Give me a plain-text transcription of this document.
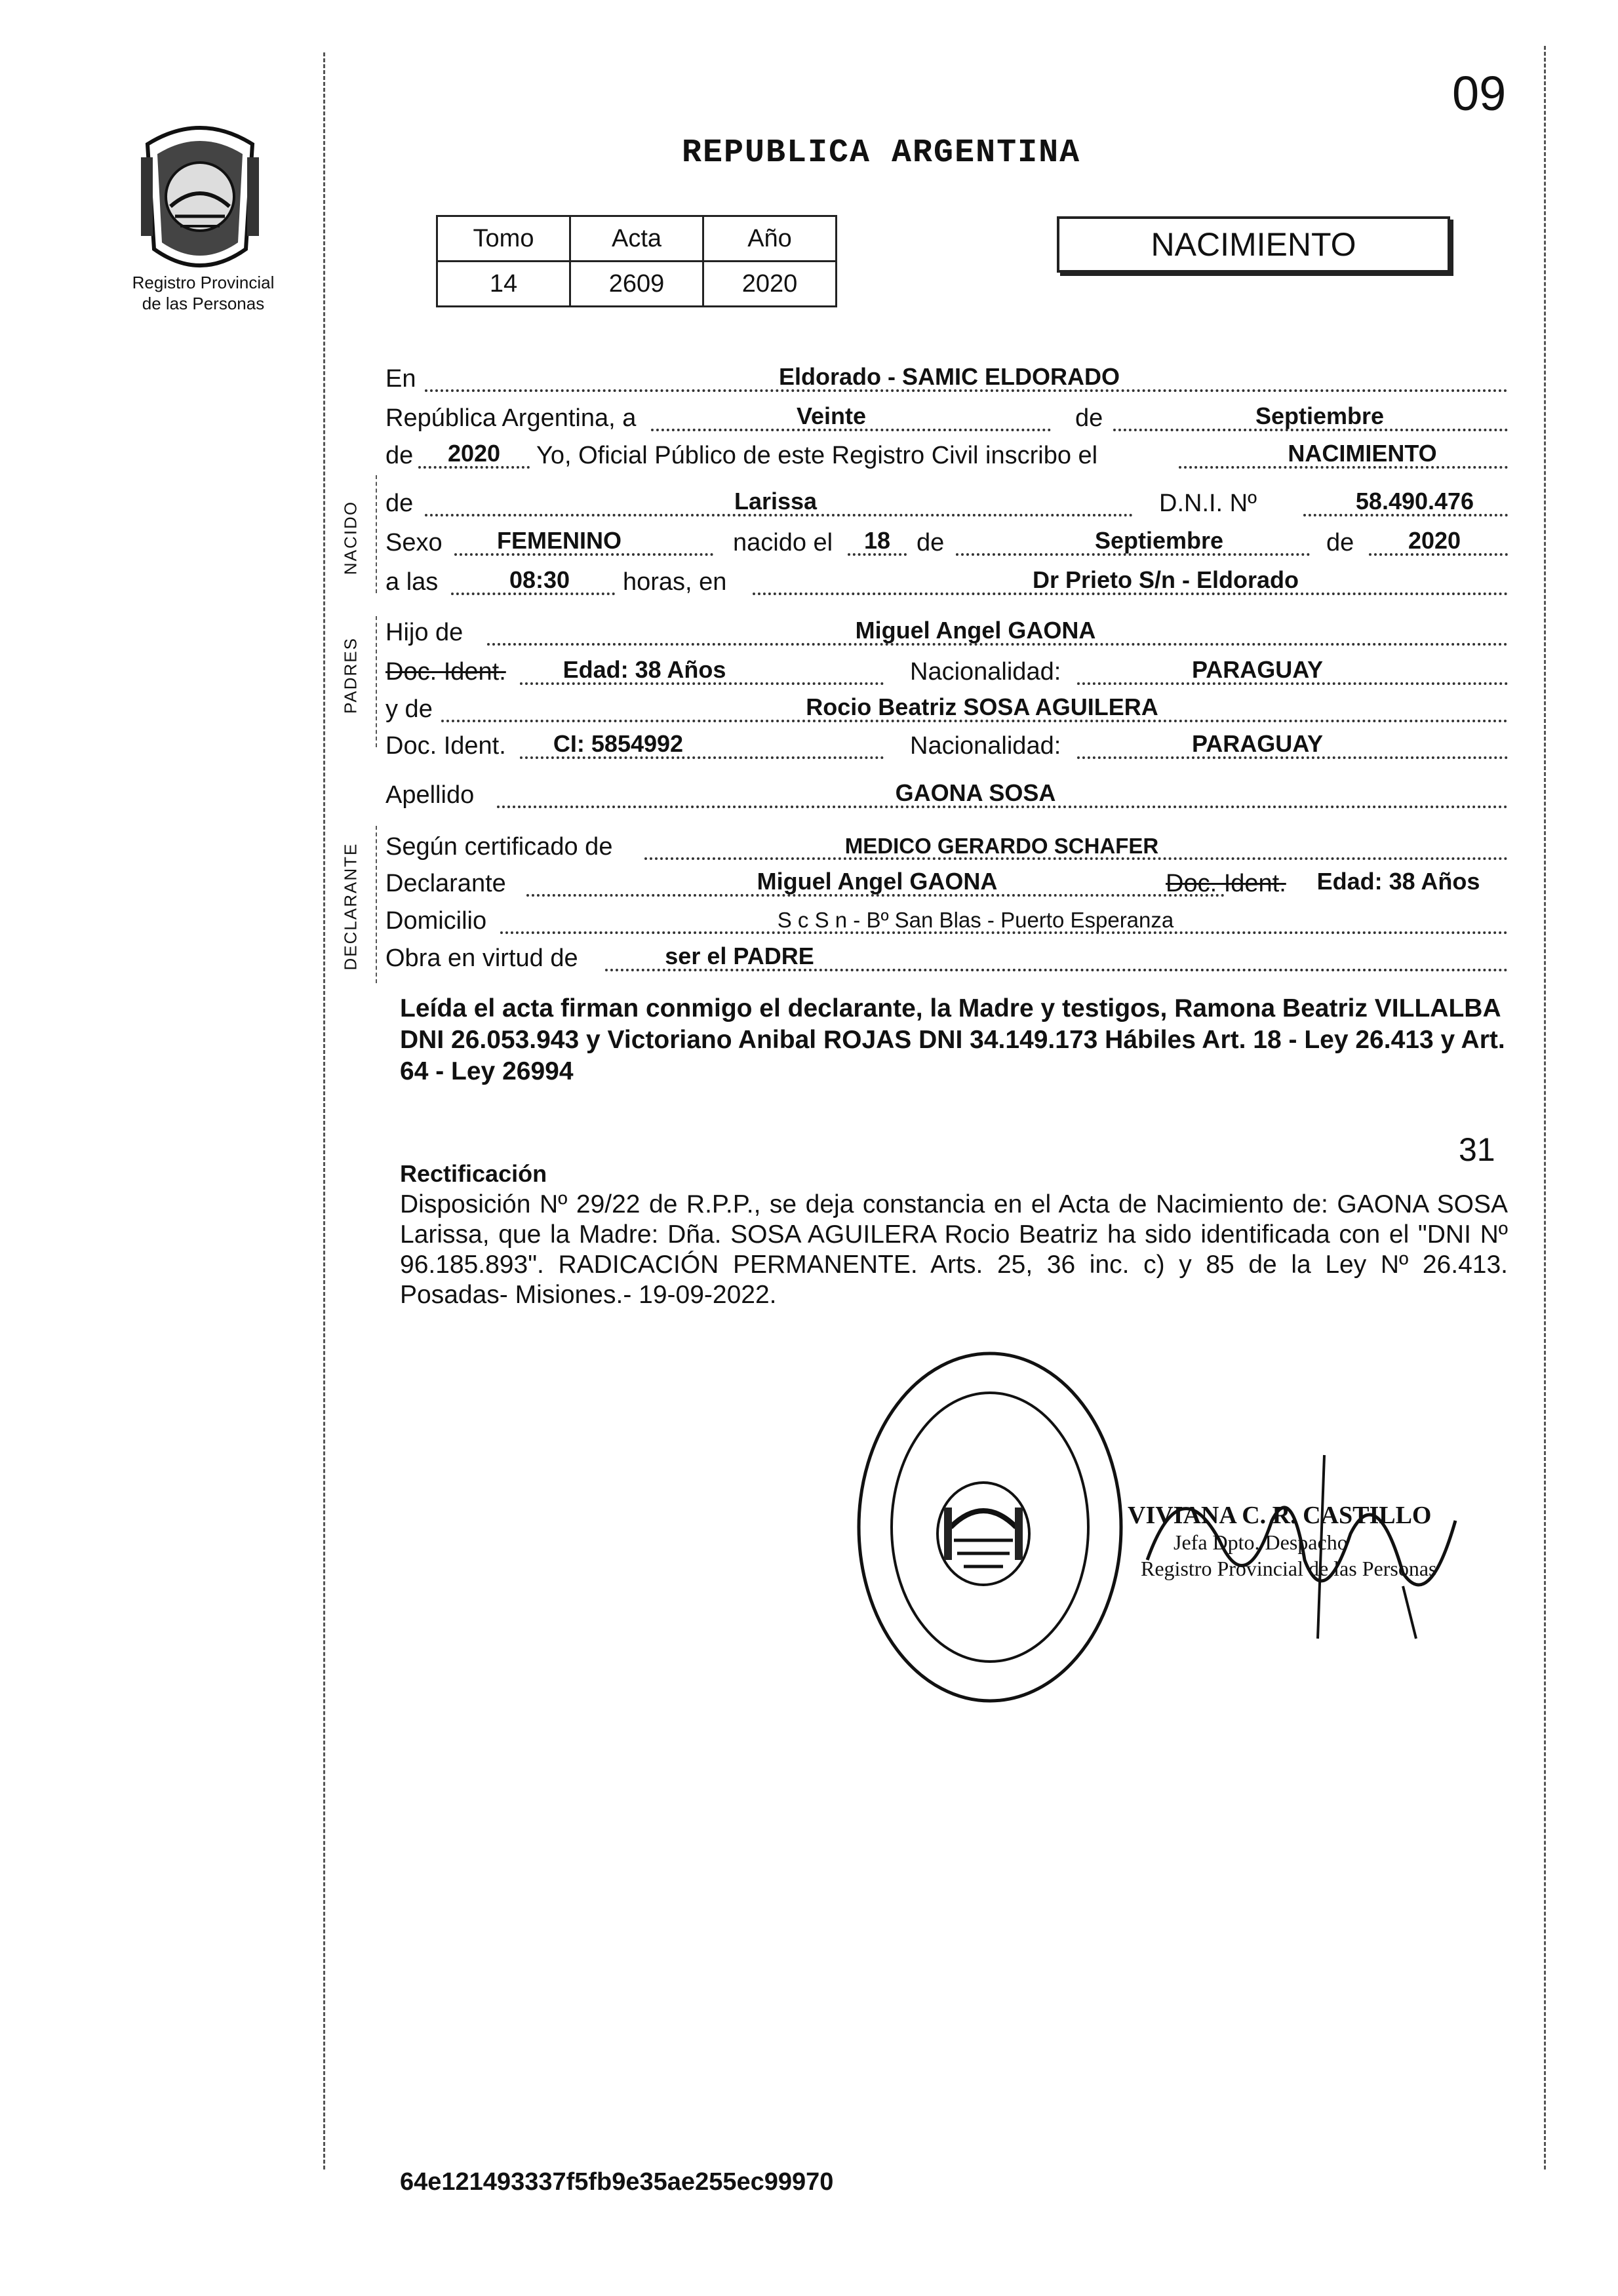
09
Registro Provincial
de las Personas
REPUBLICA ARGENTINA
Tomo	Acta	Año
14	2609	2020
NACIMIENTO
NACIDO
PADRES
DECLARANTE
En	Eldorado - SAMIC ELDORADO
República Argentina, a	Veinte	de	Septiembre
de	2020	Yo, Oficial Público de este Registro Civil inscribo el	NACIMIENTO
de	Larissa	D.N.I. Nº	58.490.476
Sexo	FEMENINO	nacido el	18	de	Septiembre	de	2020
a las	08:30	horas, en	Dr Prieto S/n - Eldorado
Hijo de	Miguel Angel GAONA
Doc. Ident.	Edad: 38 Años	Nacionalidad:	PARAGUAY
y de	Rocio Beatriz SOSA AGUILERA
Doc. Ident.	CI: 5854992	Nacionalidad:	PARAGUAY
Apellido	GAONA SOSA
Según certificado de	MEDICO GERARDO SCHAFER
Declarante	Miguel Angel GAONA	Doc. Ident.	Edad: 38 Años
Domicilio	S c S n - Bº San Blas - Puerto Esperanza
Obra en virtud de	ser el PADRE
Leída el acta firman conmigo el declarante, la Madre y testigos, Ramona Beatriz VILLALBA DNI 26.053.943 y Victoriano Anibal ROJAS DNI 34.149.173 Hábiles Art. 18 - Ley 26.413 y Art. 64 - Ley 26994
31
Rectificación
Disposición Nº 29/22 de R.P.P., se deja constancia en el Acta de Nacimiento de: GAONA SOSA Larissa, que la Madre: Dña. SOSA AGUILERA Rocio Beatriz ha sido identificada con el "DNI Nº 96.185.893". RADICACIÓN PERMANENTE. Arts. 25, 36 inc. c) y 85 de la Ley Nº 26.413. Posadas- Misiones.- 19-09-2022.
VIVIANA C. R. CASTILLO
Jefa Dpto. Despacho
Registro Provincial de las Personas
64e121493337f5fb9e35ae255ec99970
